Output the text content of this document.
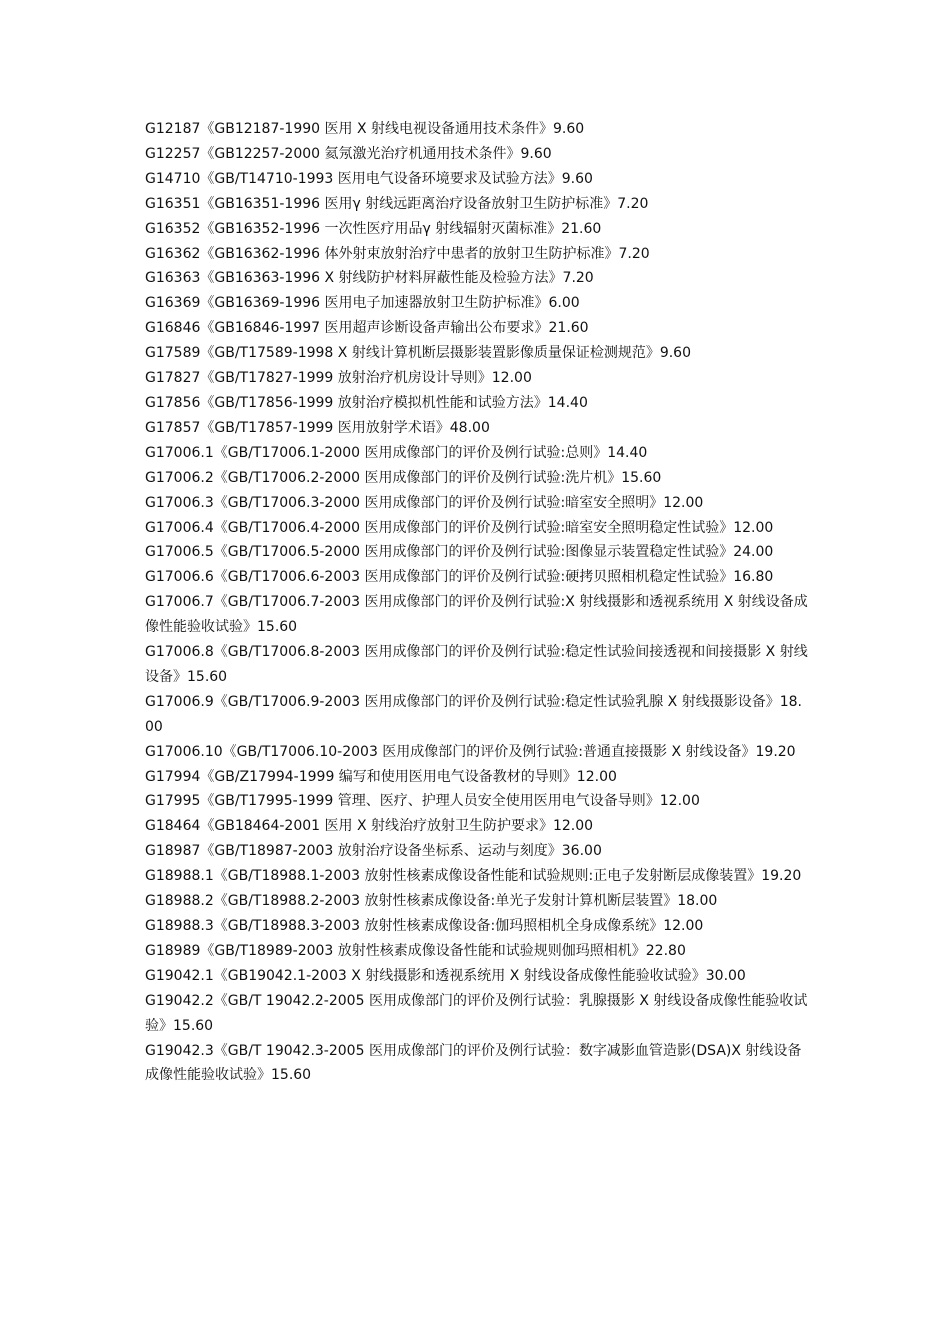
G12187《GB12187-1990 医用 X 射线电视设备通用技术条件》9.60
G12257《GB12257-2000 氦氖激光治疗机通用技术条件》9.60
G14710《GB/T14710-1993 医用电气设备环境要求及试验方法》9.60
G16351《GB16351-1996 医用γ 射线远距离治疗设备放射卫生防护标准》7.20
G16352《GB16352-1996 一次性医疗用品γ 射线辐射灭菌标准》21.60
G16362《GB16362-1996 体外射束放射治疗中患者的放射卫生防护标准》7.20
G16363《GB16363-1996 X 射线防护材料屏蔽性能及检验方法》7.20
G16369《GB16369-1996 医用电子加速器放射卫生防护标准》6.00
G16846《GB16846-1997 医用超声诊断设备声输出公布要求》21.60
G17589《GB/T17589-1998 X 射线计算机断层摄影装置影像质量保证检测规范》9.60
G17827《GB/T17827-1999 放射治疗机房设计导则》12.00
G17856《GB/T17856-1999 放射治疗模拟机性能和试验方法》14.40
G17857《GB/T17857-1999 医用放射学术语》48.00
G17006.1《GB/T17006.1-2000 医用成像部门的评价及例行试验:总则》14.40
G17006.2《GB/T17006.2-2000 医用成像部门的评价及例行试验:洗片机》15.60
G17006.3《GB/T17006.3-2000 医用成像部门的评价及例行试验:暗室安全照明》12.00
G17006.4《GB/T17006.4-2000 医用成像部门的评价及例行试验:暗室安全照明稳定性试验》12.00
G17006.5《GB/T17006.5-2000 医用成像部门的评价及例行试验:图像显示装置稳定性试验》24.00
G17006.6《GB/T17006.6-2003 医用成像部门的评价及例行试验:硬拷贝照相机稳定性试验》16.80
G17006.7《GB/T17006.7-2003 医用成像部门的评价及例行试验:X 射线摄影和透视系统用 X 射线设备成像性能验收试验》15.60
G17006.8《GB/T17006.8-2003 医用成像部门的评价及例行试验:稳定性试验间接透视和间接摄影 X 射线设备》15.60
G17006.9《GB/T17006.9-2003 医用成像部门的评价及例行试验:稳定性试验乳腺 X 射线摄影设备》18.00
G17006.10《GB/T17006.10-2003 医用成像部门的评价及例行试验:普通直接摄影 X 射线设备》19.20
G17994《GB/Z17994-1999 编写和使用医用电气设备教材的导则》12.00
G17995《GB/T17995-1999 管理、医疗、护理人员安全使用医用电气设备导则》12.00
G18464《GB18464-2001 医用 X 射线治疗放射卫生防护要求》12.00
G18987《GB/T18987-2003 放射治疗设备坐标系、运动与刻度》36.00
G18988.1《GB/T18988.1-2003 放射性核素成像设备性能和试验规则:正电子发射断层成像装置》19.20
G18988.2《GB/T18988.2-2003 放射性核素成像设备:单光子发射计算机断层装置》18.00
G18988.3《GB/T18988.3-2003 放射性核素成像设备:伽玛照相机全身成像系统》12.00
G18989《GB/T18989-2003 放射性核素成像设备性能和试验规则伽玛照相机》22.80
G19042.1《GB19042.1-2003 X 射线摄影和透视系统用 X 射线设备成像性能验收试验》30.00
G19042.2《GB/T 19042.2-2005 医用成像部门的评价及例行试验：乳腺摄影 X 射线设备成像性能验收试验》15.60
G19042.3《GB/T 19042.3-2005 医用成像部门的评价及例行试验：数字减影血管造影(DSA)X 射线设备成像性能验收试验》15.60
